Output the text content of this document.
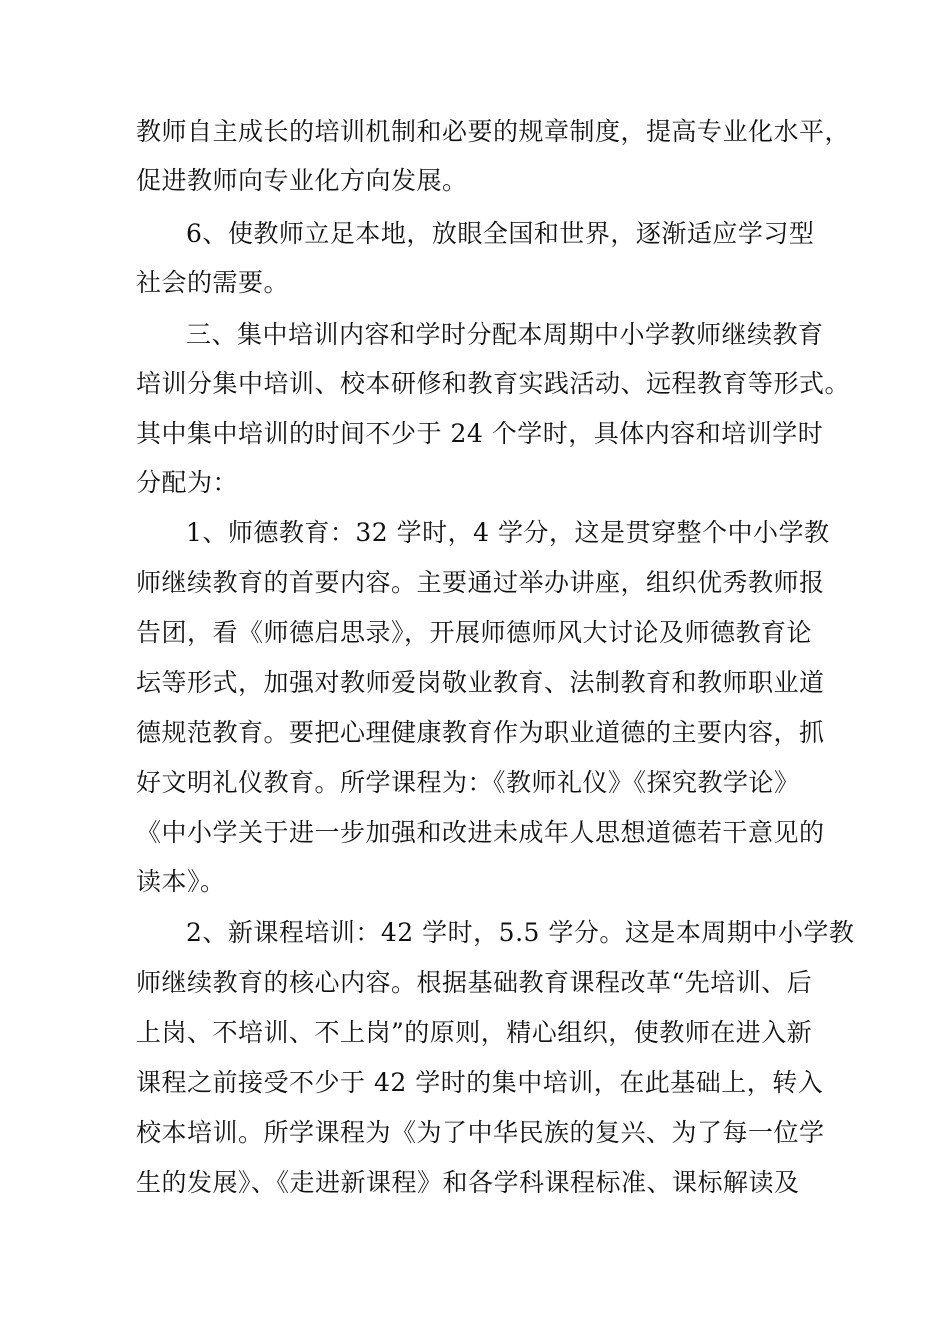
教师自主成长的培训机制和必要的规章制度，提高专业化水平，
促进教师向专业化方向发展。
6、使教师立足本地，放眼全国和世界，逐渐适应学习型
社会的需要。
三、集中培训内容和学时分配本周期中小学教师继续教育
培训分集中培训、校本研修和教育实践活动、远程教育等形式。
其中集中培训的时间不少于 24 个学时，具体内容和培训学时
分配为：
1、师德教育：32 学时，4 学分，这是贯穿整个中小学教
师继续教育的首要内容。主要通过举办讲座，组织优秀教师报
告团，看《师德启思录》，开展师德师风大讨论及师德教育论
坛等形式，加强对教师爱岗敬业教育、法制教育和教师职业道
德规范教育。要把心理健康教育作为职业道德的主要内容，抓
好文明礼仪教育。所学课程为：《教师礼仪》《探究教学论》
《中小学关于进一步加强和改进未成年人思想道德若干意见的
读本》。
2、新课程培训：42 学时，5.5 学分。这是本周期中小学教
师继续教育的核心内容。根据基础教育课程改革“先培训、后
上岗、不培训、不上岗”的原则，精心组织，使教师在进入新
课程之前接受不少于 42 学时的集中培训，在此基础上，转入
校本培训。所学课程为《为了中华民族的复兴、为了每一位学
生的发展》、《走进新课程》和各学科课程标准、课标解读及
